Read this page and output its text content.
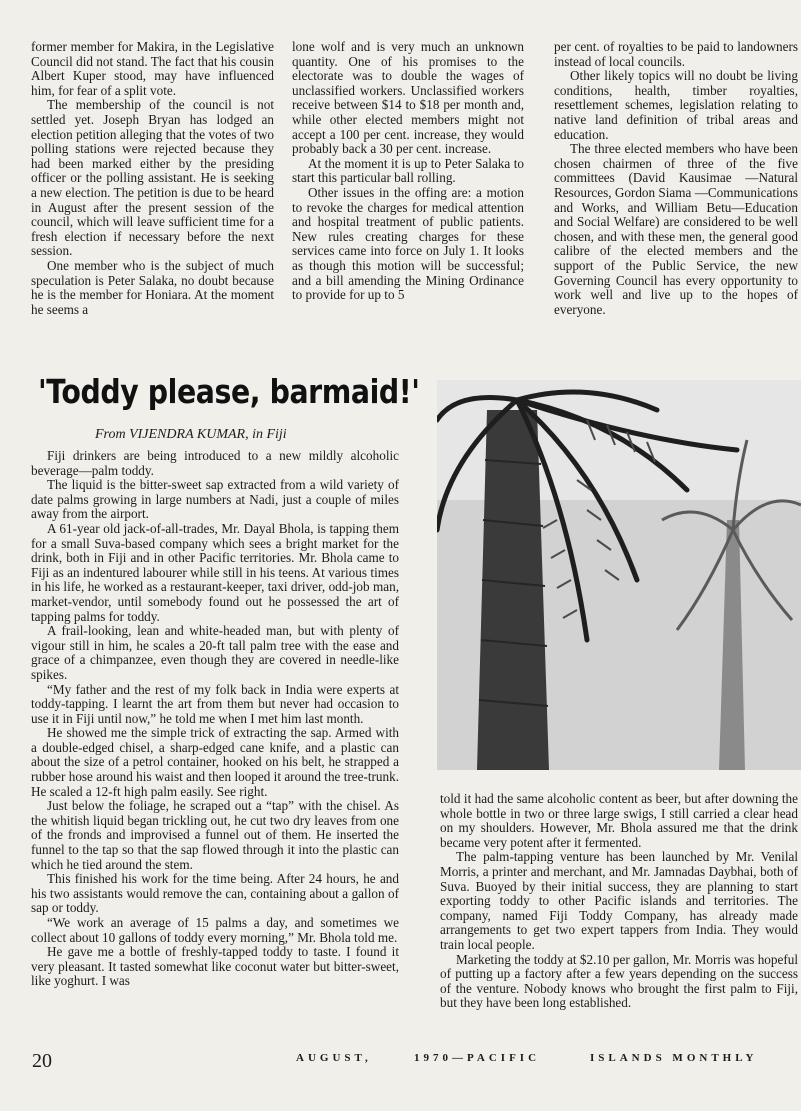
former member for Makira, in the Legislative Council did not stand. The fact that his cousin Albert Kuper stood, may have influenced him, for fear of a split vote.

The membership of the council is not settled yet. Joseph Bryan has lodged an election petition alleging that the votes of two polling stations were rejected because they had been marked either by the presiding officer or the polling assistant. He is seeking a new election. The petition is due to be heard in August after the present session of the council, which will leave sufficient time for a fresh election if necessary before the next session.

One member who is the subject of much speculation is Peter Salaka, no doubt because he is the member for Honiara. At the moment he seems a

lone wolf and is very much an unknown quantity. One of his promises to the electorate was to double the wages of unclassified workers. Unclassified workers receive between $14 to $18 per month and, while other elected members might not accept a 100 per cent. increase, they would probably back a 30 per cent. increase.

At the moment it is up to Peter Salaka to start this particular ball rolling.

Other issues in the offing are: a motion to revoke the charges for medical attention and hospital treatment of public patients. New rules creating charges for these services came into force on July 1. It looks as though this motion will be successful; and a bill amending the Mining Ordinance to provide for up to 5

per cent. of royalties to be paid to landowners instead of local councils.

Other likely topics will no doubt be living conditions, health, timber royalties, resettlement schemes, legislation relating to native land definition of tribal areas and education.

The three elected members who have been chosen chairmen of three of the five committees (David Kausimae —Natural Resources, Gordon Siama —Communications and Works, and William Betu—Education and Social Welfare) are considered to be well chosen, and with these men, the general good calibre of the elected members and the support of the Public Service, the new Governing Council has every opportunity to work well and live up to the hopes of everyone.

'Toddy please, barmaid!'
From VIJENDRA KUMAR, in Fiji

Fiji drinkers are being introduced to a new mildly alcoholic beverage—palm toddy.

The liquid is the bitter-sweet sap extracted from a wild variety of date palms growing in large numbers at Nadi, just a couple of miles away from the airport.

A 61-year old jack-of-all-trades, Mr. Dayal Bhola, is tapping them for a small Suva-based company which sees a bright market for the drink, both in Fiji and in other Pacific territories. Mr. Bhola came to Fiji as an indentured labourer while still in his teens. At various times in his life, he worked as a restaurant-keeper, taxi driver, odd-job man, market-vendor, until somebody found out he possessed the art of tapping palms for toddy.

A frail-looking, lean and white-headed man, but with plenty of vigour still in him, he scales a 20-ft tall palm tree with the ease and grace of a chimpanzee, even though they are covered in needle-like spikes.

“My father and the rest of my folk back in India were experts at toddy-tapping. I learnt the art from them but never had occasion to use it in Fiji until now,” he told me when I met him last month.

He showed me the simple trick of extracting the sap. Armed with a double-edged chisel, a sharp-edged cane knife, and a plastic can about the size of a petrol container, hooked on his belt, he strapped a rubber hose around his waist and then looped it around the tree-trunk. He scaled a 12-ft high palm easily. See right.

Just below the foliage, he scraped out a “tap” with the chisel. As the whitish liquid began trickling out, he cut two dry leaves from one of the fronds and improvised a funnel out of them. He inserted the funnel to the tap so that the sap flowed through it into the plastic can which he tied around the stem.

This finished his work for the time being. After 24 hours, he and his two assistants would remove the can, containing about a gallon of sap or toddy.

“We work an average of 15 palms a day, and sometimes we collect about 10 gallons of toddy every morning,” Mr. Bhola told me.

He gave me a bottle of freshly-tapped toddy to taste. I found it very pleasant. It tasted somewhat like coconut water but bitter-sweet, like yoghurt. I was

told it had the same alcoholic content as beer, but after downing the whole bottle in two or three large swigs, I still carried a clear head on my shoulders. However, Mr. Bhola assured me that the drink became very potent after it fermented.

The palm-tapping venture has been launched by Mr. Venilal Morris, a printer and merchant, and Mr. Jamnadas Daybhai, both of Suva. Buoyed by their initial success, they are planning to start exporting toddy to other Pacific islands and territories. The company, named Fiji Toddy Company, has already made arrangements to get two expert tappers from India. They would train local people.

Marketing the toddy at $2.10 per gallon, Mr. Morris was hopeful of putting up a factory after a few years depending on the success of the venture. Nobody knows who brought the first palm to Fiji, but they have been long established.

20	AUGUST,	1970—PACIFIC	ISLANDS MONTHLY
